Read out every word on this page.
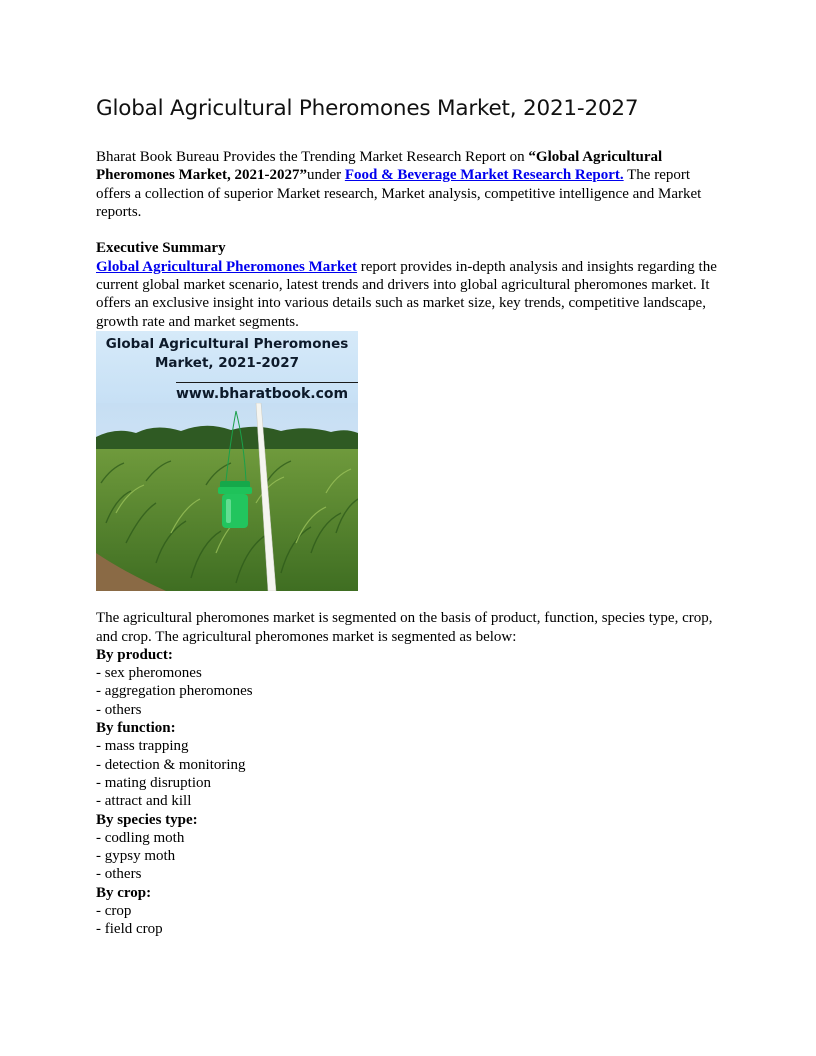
Global Agricultural Pheromones Market, 2021-2027

Bharat Book Bureau Provides the Trending Market Research Report on “Global Agricultural Pheromones Market, 2021-2027”under Food & Beverage Market Research Report. The report offers a collection of superior Market research, Market analysis, competitive intelligence and Market reports.

Executive Summary
Global Agricultural Pheromones Market report provides in-depth analysis and insights regarding the current global market scenario, latest trends and drivers into global agricultural pheromones market. It offers an exclusive insight into various details such as market size, key trends, competitive landscape, growth rate and market segments.

Global Agricultural Pheromones
Market, 2021-2027
www.bharatbook.com

The agricultural pheromones market is segmented on the basis of product, function, species type, crop, and crop. The agricultural pheromones market is segmented as below:

By product:
- sex pheromones
- aggregation pheromones
- others
By function:
- mass trapping
- detection & monitoring
- mating disruption
- attract and kill
By species type:
- codling moth
- gypsy moth
- others
By crop:
- crop
- field crop
